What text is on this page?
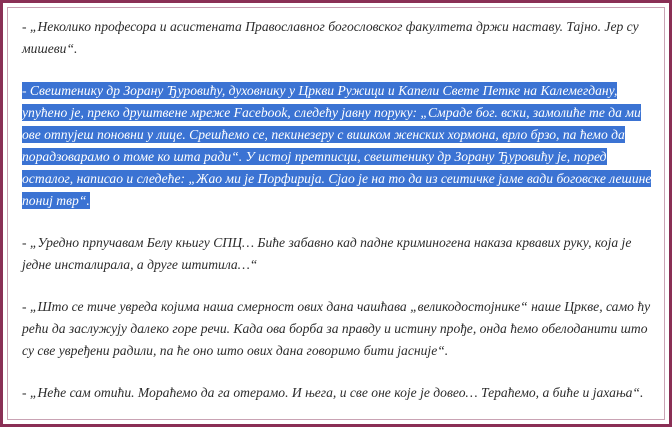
- „Неколико професора и асистената Православног богословског факултета држи наставу. Тајно. Јер су мишеви“.

- Свештенику др Зорану Ђуровићу, духовнику у Цркви Ружици и Капели Свете Петке на Калемегдану, упућено је, преко друштвене мреже Facebook, следећу јавну поруку: „Смраде бог. вски, замолиће те да ми ове отпујеш поновни у лице. Срешћемо се, пекинезеру с вишком женских хормона, врло брзо, па ћемо да порадзоварамо о томе ко шта ради“. У истој претписци, свештенику др Зорану Ђуровићу је, поред осталог, написао и следеће: „Жао ми је Порфирија. Сјао је на то да из сеитичке јаме вади боговске лешине пониј твр“.

- „Уредно прпучавам Белу књигу СПЦ… Биће забавно кад падне криминогена наказа крвавих руку, која је једне инсталирала, а друге штитила…“

- „Што се тиче увреда којима наша смерност ових дана чашћава „великодостојнике“ наше Цркве, само ћу рећи да заслужују далеко горе речи. Када ова борба за правду и истину прође, онда ћемо обелоданити што су све увређени радили, па ће оно што ових дана говоримо бити јасније“.

- „Неће сам отићи. Морaћемо да га отерамо. И њега, и све оне које је довео… Тераћемо, а биће и јахања“.
